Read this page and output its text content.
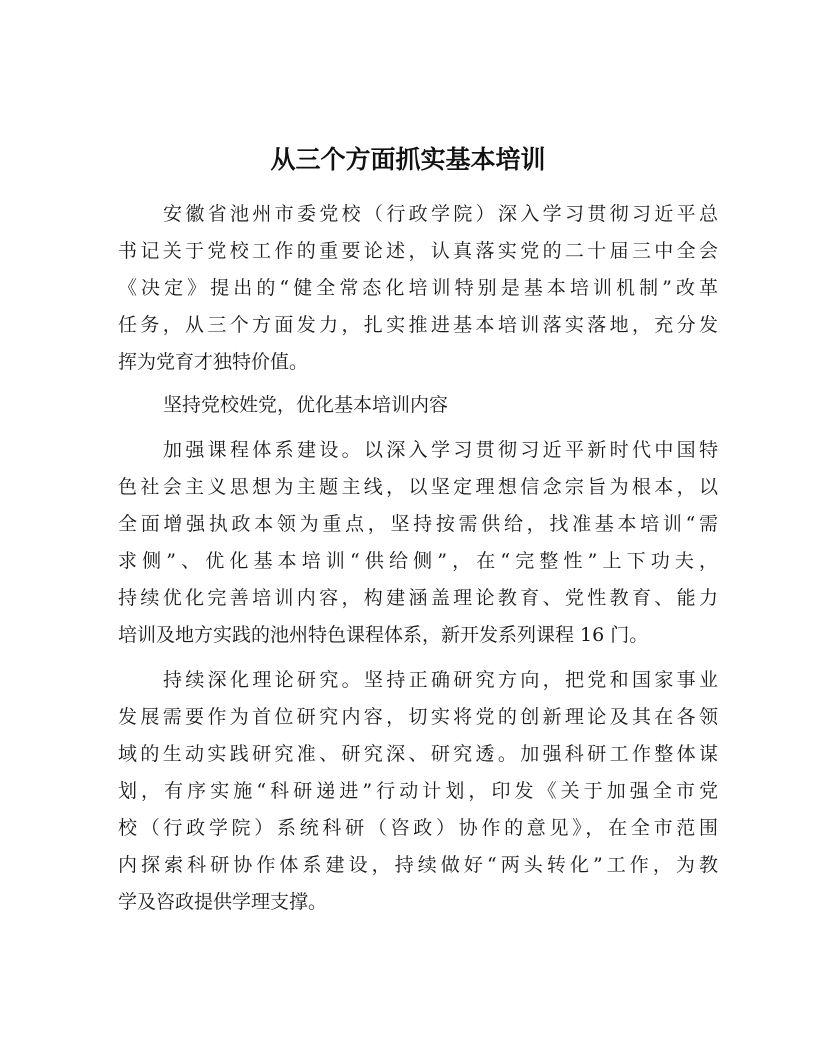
从三个方面抓实基本培训
安徽省池州市委党校（行政学院）深入学习贯彻习近平总
书记关于党校工作的重要论述，认真落实党的二十届三中全会
《决定》提出的“健全常态化培训特别是基本培训机制”改革
任务，从三个方面发力，扎实推进基本培训落实落地，充分发
挥为党育才独特价值。
坚持党校姓党，优化基本培训内容
加强课程体系建设。以深入学习贯彻习近平新时代中国特
色社会主义思想为主题主线，以坚定理想信念宗旨为根本，以
全面增强执政本领为重点，坚持按需供给，找准基本培训“需
求侧”、优化基本培训“供给侧”，在“完整性”上下功夫，
持续优化完善培训内容，构建涵盖理论教育、党性教育、能力
培训及地方实践的池州特色课程体系，新开发系列课程 16 门。
持续深化理论研究。坚持正确研究方向，把党和国家事业
发展需要作为首位研究内容，切实将党的创新理论及其在各领
域的生动实践研究准、研究深、研究透。加强科研工作整体谋
划，有序实施“科研递进”行动计划，印发《关于加强全市党
校（行政学院）系统科研（咨政）协作的意见》，在全市范围
内探索科研协作体系建设，持续做好“两头转化”工作，为教
学及咨政提供学理支撑。
